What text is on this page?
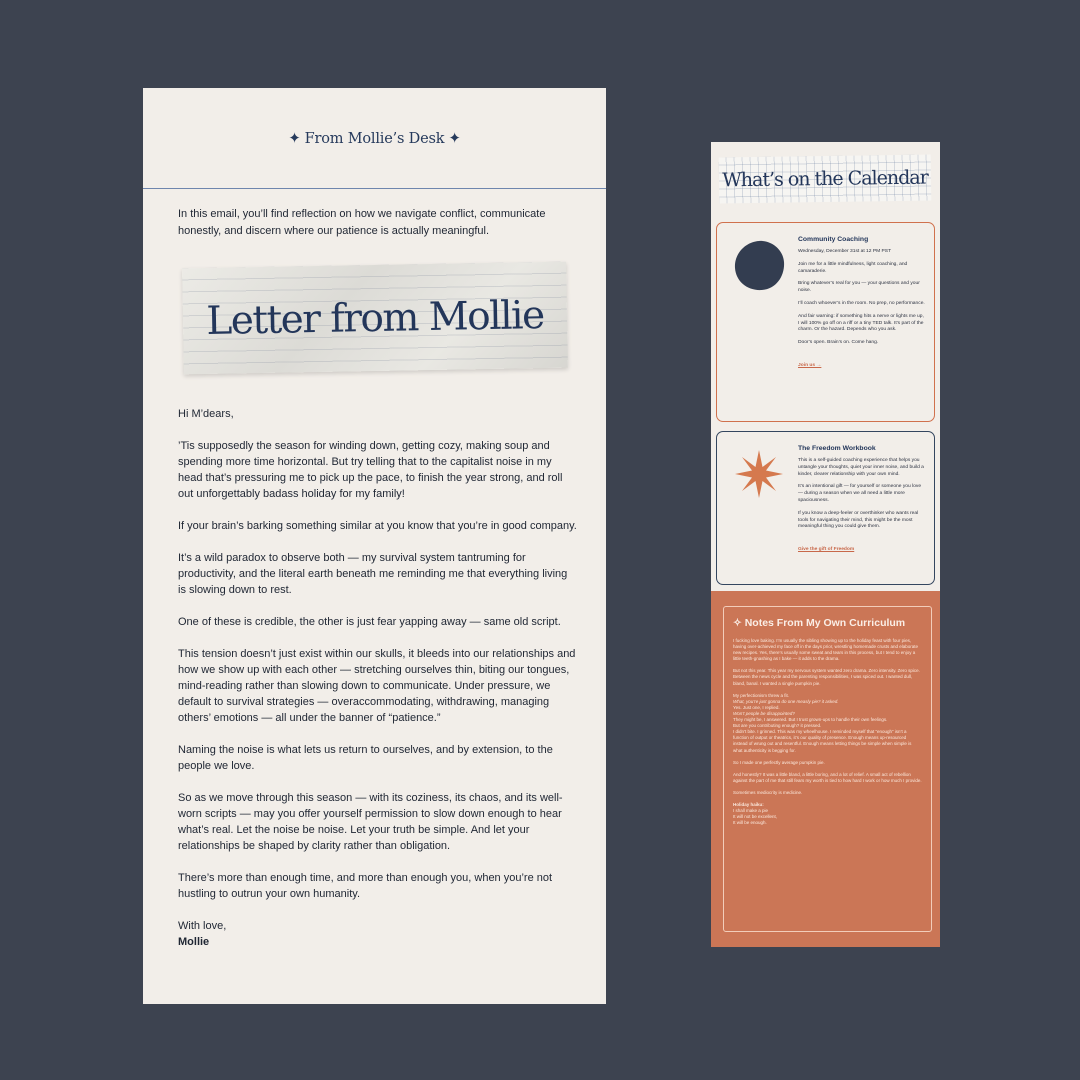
✦ From Mollie’s Desk ✦

In this email, you’ll find reflection on how we navigate conflict, communicate honestly, and discern where our patience is actually meaningful.

Letter from Mollie

Hi M’dears,

’Tis supposedly the season for winding down, getting cozy, making soup and spending more time horizontal. But try telling that to the capitalist noise in my head that’s pressuring me to pick up the pace, to finish the year strong, and roll out unforgettably badass holiday for my family!

If your brain’s barking something similar at you know that you’re in good company.

It’s a wild paradox to observe both — my survival system tantruming for productivity, and the literal earth beneath me reminding me that everything living is slowing down to rest.

One of these is credible, the other is just fear yapping away — same old script.

This tension doesn’t just exist within our skulls, it bleeds into our relationships and how we show up with each other — stretching ourselves thin, biting our tongues, mind-reading rather than slowing down to communicate. Under pressure, we default to survival strategies — overaccommodating, withdrawing, managing others’ emotions — all under the banner of “patience.”

Naming the noise is what lets us return to ourselves, and by extension, to the people we love.

So as we move through this season — with its coziness, its chaos, and its well-worn scripts — may you offer yourself permission to slow down enough to hear what’s real. Let the noise be noise. Let your truth be simple. And let your relationships be shaped by clarity rather than obligation.

There’s more than enough time, and more than enough you, when you’re not hustling to outrun your own humanity.

With love,

Mollie

What’s on the Calendar
Community Coaching
Wednesday, December 31st at 12 PM PST
Join me for a little mindfulness, light coaching, and camaraderie.
Bring whatever’s real for you — your questions and your noise.
I’ll coach whoever’s in the room. No prep, no performance.
And fair warning: if something hits a nerve or lights me up, I will 100% go off on a riff or a tiny TED talk. It’s part of the charm. Or the hazard. Depends who you ask.
Door’s open. Brain’s on. Come hang.
Join us →
The Freedom Workbook
This is a self-guided coaching experience that helps you untangle your thoughts, quiet your inner noise, and build a kinder, clearer relationship with your own mind.
It’s an intentional gift — for yourself or someone you love — during a season when we all need a little more spaciousness.
If you know a deep-feeler or overthinker who wants real tools for navigating their mind, this might be the most meaningful thing you could give them.
Give the gift of Freedom
✧ Notes From My Own Curriculum
I fucking love baking. I’m usually the sibling showing up to the holiday feast with four pies, having over-achieved my face off in the days prior, wrestling homemade crusts and elaborate new recipes. Yes, there’s usually some sweat and tears in this process, but I tend to enjoy a little teeth-gnashing as I bake — it adds to the drama.
But not this year. This year my nervous system wanted zero drama. Zero intensity. Zero spice. Between the news cycle and the parenting responsibilities, I was spiced out. I wanted dull, bland, banal. I wanted a single pumpkin pie.
My perfectionism threw a fit.
What, you’re just gonna do one measly pie? it asked.
Yes. Just one, I replied.
Won’t people be disappointed?
They might be, I answered. But I trust grown-ups to handle their own feelings.
But are you contributing enough? it pressed.
I didn’t bite. I grinned. This was my wheelhouse. I reminded myself that “enough” isn’t a function of output or theatrics, it’s our quality of presence. Enough means up-resourced instead of wrung out and resentful. Enough means letting things be simple when simple is what authenticity is begging for.
So I made one perfectly average pumpkin pie.
And honestly? It was a little bland, a little boring, and a lot of relief. A small act of rebellion against the part of me that still fears my worth is tied to how hard I work or how much I provide.
Sometimes mediocrity is medicine.
Holiday haiku:
I shall make a pie
It will not be excellent,
It will be enough.
